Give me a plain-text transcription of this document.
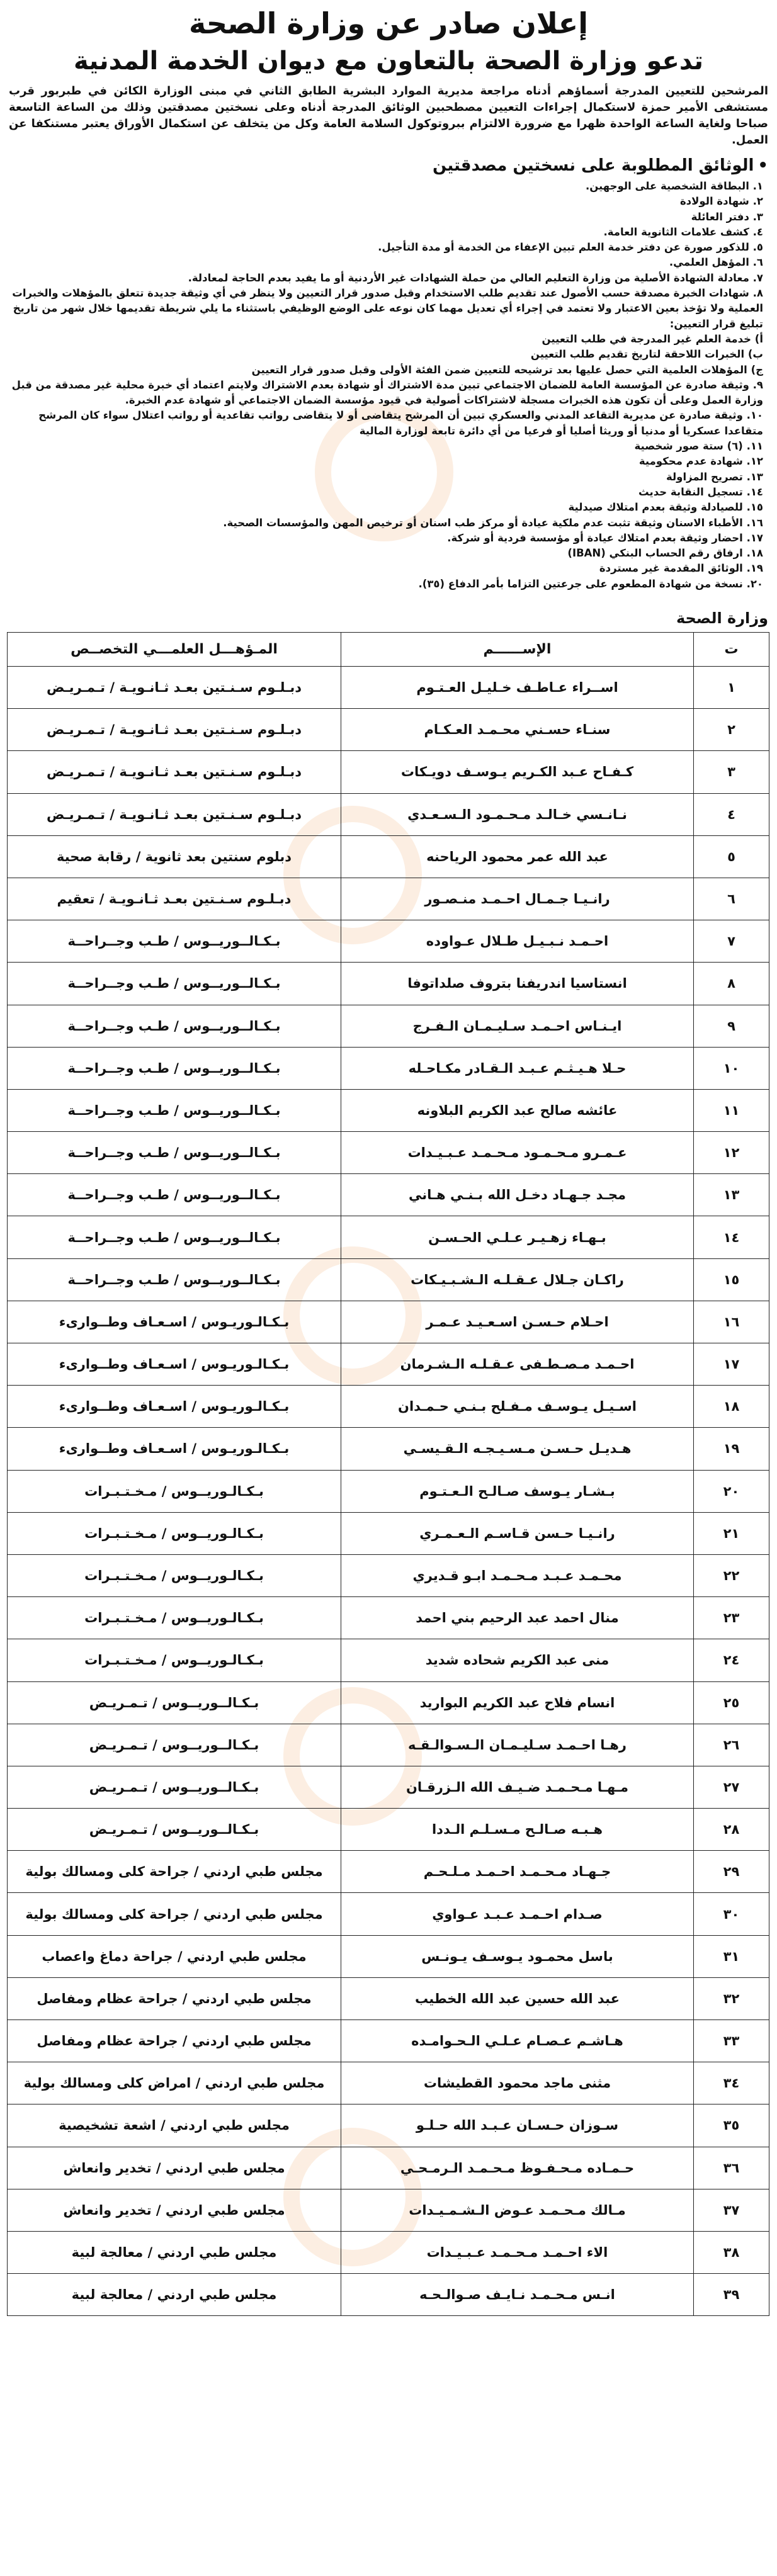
إعلان صادر عن وزارة الصحة
تدعو وزارة الصحة بالتعاون مع ديوان الخدمة المدنية

المرشحين للتعيين المدرجة أسماؤهم أدناه مراجعة مديرية الموارد البشرية الطابق الثاني في مبنى الوزارة الكائن في طبربور قرب مستشفى الأمير حمزة لاستكمال إجراءات التعيين مصطحبين الوثائق المدرجة أدناه وعلى نسختين مصدقتين وذلك من الساعة التاسعة صباحا ولغاية الساعة الواحدة ظهرا مع ضرورة الالتزام ببروتوكول السلامة العامة وكل من يتخلف عن استكمال الأوراق يعتبر مستنكفا عن العمل.

• الوثائق المطلوبة على نسختين مصدقتين
١. البطاقة الشخصية على الوجهين.
٢. شهادة الولادة
٣. دفتر العائلة
٤. كشف علامات الثانوية العامة.
٥. للذكور صورة عن دفتر خدمة العلم تبين الإعفاء من الخدمة أو مدة التأجيل.
٦. المؤهل العلمي.
٧. معادلة الشهادة الأصلية من وزارة التعليم العالي من حملة الشهادات غير الأردنية أو ما يفيد بعدم الحاجة لمعادلة.
٨. شهادات الخبرة مصدقة حسب الأصول عند تقديم طلب الاستخدام وقبل صدور قرار التعيين ولا ينظر في أي وثيقة جديدة تتعلق بالمؤهلات والخبرات العملية ولا تؤخذ بعين الاعتبار ولا تعتمد في إجراء أي تعديل مهما كان نوعه على الوضع الوظيفي باستثناء ما يلي شريطة تقديمها خلال شهر من تاريخ تبليغ قرار التعيين:
أ) خدمة العلم غير المدرجة في طلب التعيين
ب) الخبرات اللاحقة لتاريخ تقديم طلب التعيين
ج) المؤهلات العلمية التي حصل عليها بعد ترشيحه للتعيين ضمن الفئة الأولى وقبل صدور قرار التعيين
٩. وثيقة صادرة عن المؤسسة العامة للضمان الاجتماعي تبين مدة الاشتراك أو شهادة بعدم الاشتراك ولايتم اعتماد أي خبرة محلية غير مصدقة من قبل وزارة العمل وعلى أن تكون هذه الخبرات مسجلة لاشتراكات أصولية في قيود مؤسسة الضمان الاجتماعي أو شهادة عدم الخبرة.
١٠. وثيقة صادرة عن مديرية التقاعد المدني والعسكري تبين أن المرشح يتقاضى أو لا يتقاضى رواتب تقاعدية أو رواتب اعتلال سواء كان المرشح متقاعدا عسكريا أو مدنيا أو وريثا أصليا أو فرعيا من أي دائرة تابعة لوزارة المالية
١١. (٦) ستة صور شخصية
١٢. شهادة عدم محكومية
١٣. تصريح المزاولة
١٤. تسجيل النقابة حديث
١٥. للصيادلة وثيقة بعدم امتلاك صيدلية
١٦. الأطباء الاسنان وثيقة تثبت عدم ملكية عيادة أو مركز طب اسنان أو ترخيص المهن والمؤسسات الصحية.
١٧. احضار وثيقة بعدم امتلاك عيادة أو مؤسسة فردية أو شركة.
١٨. ارفاق رقم الحساب البنكي (IBAN)
١٩. الوثائق المقدمة غير مستردة
٢٠. نسخة من شهادة المطعوم على جرعتين التزاما بأمر الدفاع (٣٥).
وزارة الصحة
ت	الإســــــم	المـؤهـــل العلمـــي التخصــص
١	اســراء عـاطـف خـليـل العـتـوم	دبـلـوم سـنـتين بعـد ثـانـويـة / تـمـريـض
٢	سنـاء حسـني محـمـد العـكـام	دبـلـوم سـنـتين بعـد ثـانـويـة / تـمـريـض
٣	كـفـاح عـبد الكـريم يـوسـف دويـكات	دبـلـوم سـنـتين بعـد ثـانـويـة / تـمـريـض
٤	نـانـسي خـالـد مـحـمـود الـسـعـدي	دبـلـوم سـنـتين بعـد ثـانـويـة / تـمـريـض
٥	عبد الله عمر محمود الرياحنه	دبلوم سنتين بعد ثانوية / رقابة صحية
٦	رانـيـا جـمـال احـمـد منـصـور	دبـلـوم سـنـتين بعـد ثـانـويـة / تعقيم
٧	احـمـد نـبـيـل طـلال عـواوده	بـكـالــوريــوس / طـب وجــراحــة
٨	انستاسيا اندريفنا بتروف صلداتوفا	بـكـالــوريــوس / طـب وجــراحــة
٩	ايـنـاس احـمـد سـليـمـان الـفـرج	بـكـالــوريــوس / طـب وجــراحــة
١٠	حـلا هـيـثـم عـبـد الـقـادر مكـاحـله	بـكـالــوريــوس / طـب وجــراحــة
١١	عائشه صالح عبد الكريم البلاونه	بـكـالــوريــوس / طـب وجــراحــة
١٢	عـمـرو مـحـمـود مـحـمـد عـبـيـدات	بـكـالــوريــوس / طـب وجــراحــة
١٣	مجـد جـهـاد دخـل الله بـنـي هـاني	بـكـالــوريــوس / طـب وجــراحــة
١٤	بـهـاء زهـيـر عـلـي الحـسـن	بـكـالــوريــوس / طـب وجــراحــة
١٥	راكـان جـلال عـقـلـه الـشـبـيـكات	بـكـالــوريــوس / طـب وجــراحــة
١٦	احـلام حـسـن اسـعـيـد عـمـر	بـكـالـوريـوس / اسـعـاف وطــوارىء
١٧	احـمـد مـصـطـفى عـقـلـه الـشـرمان	بـكـالـوريـوس / اسـعـاف وطــوارىء
١٨	اسـيـل يـوسـف مـفـلح بـنـي حـمـدان	بـكـالـوريـوس / اسـعـاف وطــوارىء
١٩	هـديـل حـسـن مـسـيـجـه الـقـيسـي	بـكـالـوريـوس / اسـعـاف وطــوارىء
٢٠	بـشـار يـوسف صـالـح الـعـتـوم	بـكـالـوريــوس / مـخـتـبـرات
٢١	رانـيـا حـسن قـاسـم الـعـمـري	بـكـالـوريــوس / مـخـتـبـرات
٢٢	محـمـد عـبـد مـحـمـد ابـو قـديري	بـكـالـوريــوس / مـخـتـبـرات
٢٣	منال احمد عبد الرحيم بني احمد	بـكـالـوريــوس / مـخـتـبـرات
٢٤	منى عبد الكريم شحاده شديد	بـكـالـوريــوس / مـخـتـبـرات
٢٥	انسام فلاح عبد الكريم البوارید	بـكـالــوريــوس / تـمـريـض
٢٦	رهـا احـمـد سـليـمـان الـسـوالـقـه	بـكـالــوريــوس / تـمـريـض
٢٧	مـهـا مـحـمـد ضـيـف الله الـزرقـان	بـكـالــوريــوس / تـمـريـض
٢٨	هـبـه صـالـح مـسـلـم الـددا	بـكـالــوريــوس / تـمـريـض
٢٩	جـهـاد مـحـمـد احـمـد مـلـحـم	مجلس طبي اردني / جراحة كلى ومسالك بولية
٣٠	صـدام احـمـد عـبـد عـواوي	مجلس طبي اردني / جراحة كلى ومسالك بولية
٣١	باسل محمـود يـوسـف يـونـس	مجلس طبي اردني / جراحة دماغ واعصاب
٣٢	عبد الله حسين عبد الله الخطيب	مجلس طبي اردني / جراحة عظام ومفاصل
٣٣	هـاشـم عـصـام عـلـي الـحـوامـده	مجلس طبي اردني / جراحة عظام ومفاصل
٣٤	مثنى ماجد محمود القطيشات	مجلس طبي اردني / امراض كلى ومسالك بولية
٣٥	سـوزان حـسـان عـبـد الله حـلـو	مجلس طبي اردني / اشعة تشخيصية
٣٦	حـمـاده مـحـفـوظ مـحـمـد الـرمـحـي	مجلس طبي اردني / تخدير وانعاش
٣٧	مـالك مـحـمـد عـوض الـشـمـيـدات	مجلس طبي اردني / تخدير وانعاش
٣٨	الاء احـمـد مـحـمـد عـبـيـدات	مجلس طبي اردني / معالجة لبية
٣٩	انـس مـحـمـد نـايـف صـوالـحـه	مجلس طبي اردني / معالجة لبية
